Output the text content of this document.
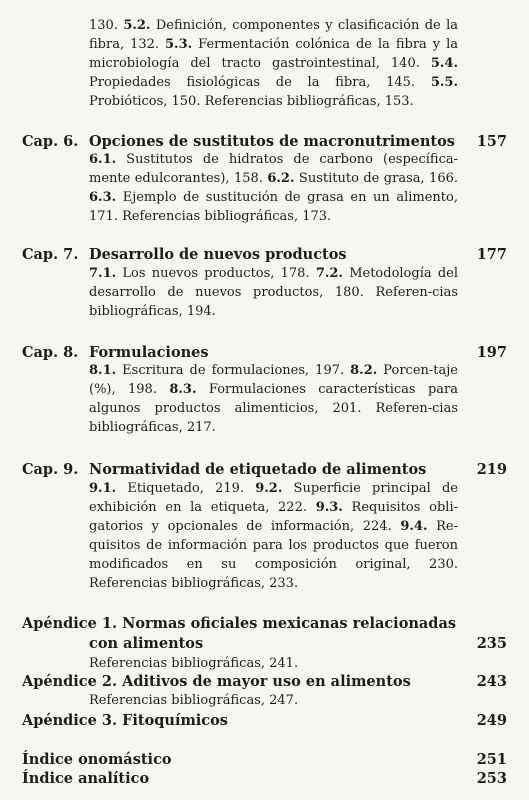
130. 5.2. Definición, componentes y clasificación de la fibra, 132. 5.3. Fermentación colónica de la fibra y la microbiología del tracto gastrointestinal, 140. 5.4. Propiedades fisiológicas de la fibra, 145. 5.5. Probióticos, 150. Referencias bibliográficas, 153.
Cap. 6. Opciones de sustitutos de macronutrimentos 157
6.1. Sustitutos de hidratos de carbono (específica-mente edulcorantes), 158. 6.2. Sustituto de grasa, 166. 6.3. Ejemplo de sustitución de grasa en un alimento, 171. Referencias bibliográficas, 173.
Cap. 7. Desarrollo de nuevos productos	177
7.1. Los nuevos productos, 178. 7.2. Metodología del desarrollo de nuevos productos, 180. Referen-cias bibliográficas, 194.
Cap. 8. Formulaciones	197
8.1. Escritura de formulaciones, 197. 8.2. Porcen-taje (%), 198. 8.3. Formulaciones características para algunos productos alimenticios, 201. Referen-cias bibliográficas, 217.
Cap. 9. Normatividad de etiquetado de alimentos	219
9.1. Etiquetado, 219. 9.2. Superficie principal de exhibición en la etiqueta, 222. 9.3. Requisitos obli-gatorios y opcionales de información, 224. 9.4. Re-quisitos de información para los productos que fueron modificados en su composición original, 230. Referencias bibliográficas, 233.
Apéndice 1. Normas oficiales mexicanas relacionadas
con alimentos	235
Referencias bibliográficas, 241.
Apéndice 2. Aditivos de mayor uso en alimentos	243
Referencias bibliográficas, 247.
Apéndice 3. Fitoquímicos	249
Índice onomástico	251
Índice analítico	253
